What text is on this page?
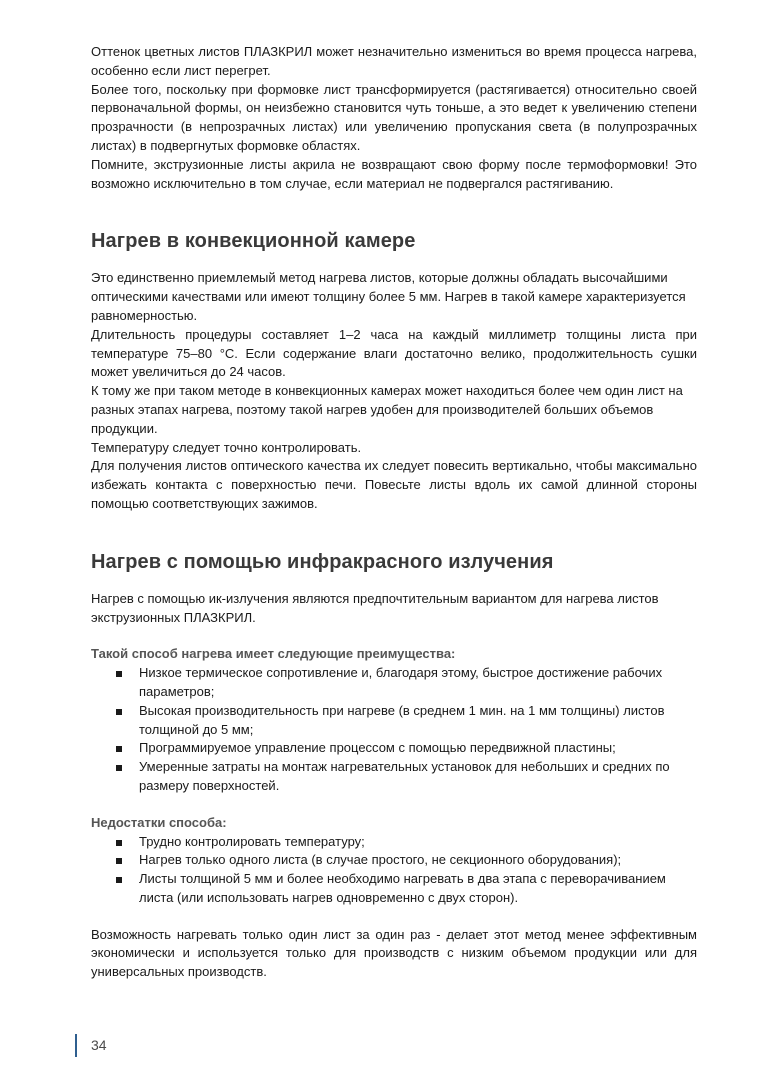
Оттенок цветных листов ПЛАЗКРИЛ может незначительно измениться во время процесса нагрева, особенно если лист перегрет.

Более того, поскольку при формовке лист трансформируется (растягивается) относительно своей первоначальной формы, он неизбежно становится чуть тоньше, а это ведет к увеличению степени прозрачности (в непрозрачных листах) или увеличению пропускания света (в полупрозрачных листах) в подвергнутых формовке областях.

Помните, экструзионные листы акрила не возвращают свою форму после термоформовки! Это возможно исключительно в том случае, если материал не подвергался растягиванию.

Нагрев в конвекционной камере

Это единственно приемлемый метод нагрева листов, которые должны обладать высочайшими оптическими качествами или имеют толщину более 5 мм. Нагрев в такой камере характеризуется равномерностью.

Длительность процедуры составляет 1–2 часа на каждый миллиметр толщины листа при температуре 75–80 °С. Если содержание влаги достаточно велико, продолжительность сушки может увеличиться до 24 часов.

К тому же при таком методе в конвекционных камерах может находиться более чем один лист на разных этапах нагрева, поэтому такой нагрев удобен для производителей больших объемов продукции.

Температуру следует точно контролировать.

Для получения листов оптического качества их следует повесить вертикально, чтобы максимально избежать контакта с поверхностью печи. Повесьте листы вдоль их самой длинной стороны помощью соответствующих зажимов.

Нагрев с помощью инфракрасного излучения

Нагрев с помощью ик-излучения являются предпочтительным вариантом для нагрева листов экструзионных ПЛАЗКРИЛ.

Такой способ нагрева имеет следующие преимущества:
Низкое термическое сопротивление и, благодаря этому, быстрое достижение рабочих параметров;
Высокая производительность при нагреве (в среднем 1 мин. на 1 мм толщины) листов толщиной до 5 мм;
Программируемое управление процессом с помощью передвижной пластины;
Умеренные затраты на монтаж нагревательных установок для небольших и средних по размеру поверхностей.
Недостатки способа:
Трудно контролировать температуру;
Нагрев только одного листа (в случае простого, не секционного оборудования);
Листы толщиной 5 мм и более необходимо нагревать в два этапа с переворачиванием листа (или использовать нагрев одновременно с двух сторон).

Возможность нагревать только один лист за один раз - делает этот метод менее эффективным экономически и используется только для производств с низким объемом продукции или для универсальных производств.

34
